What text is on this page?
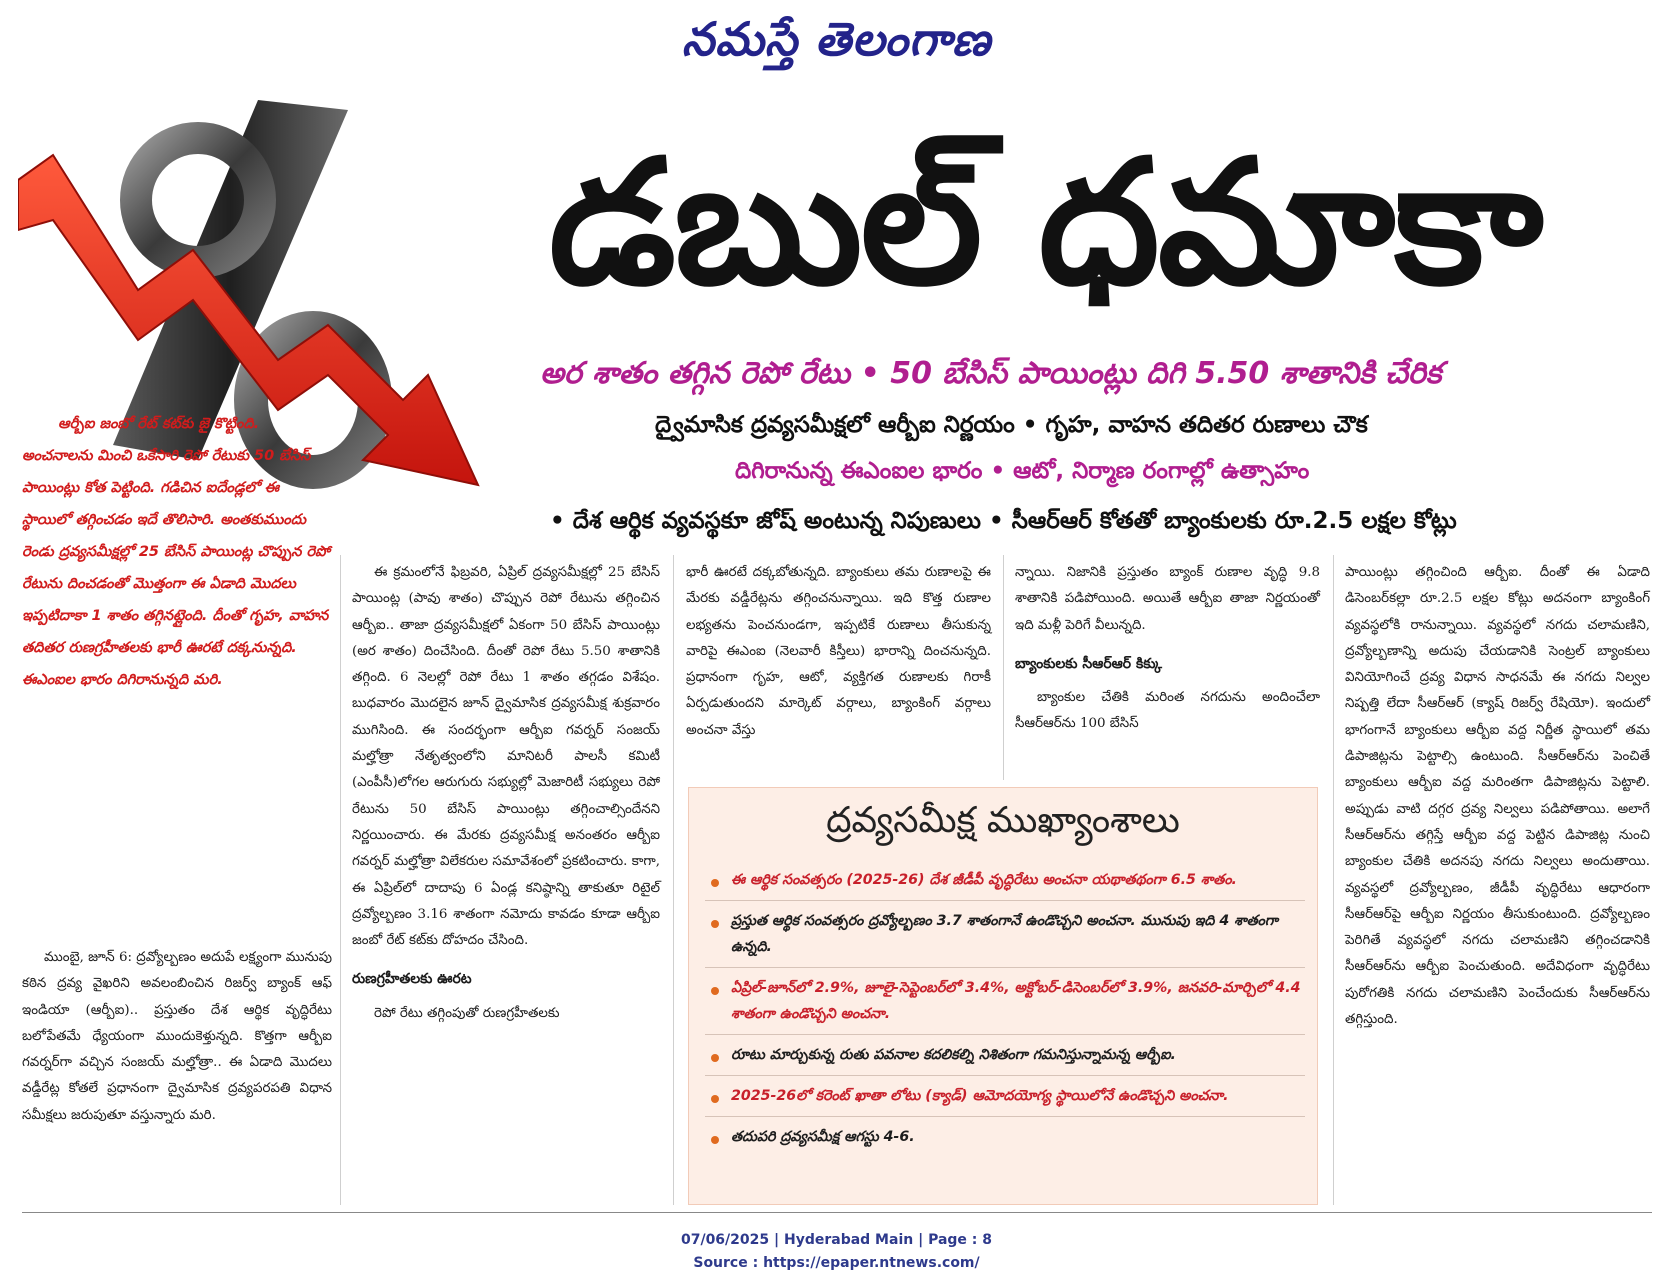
నమస్తే తెలంగాణ
డబుల్ ధమాకా
అర శాతం తగ్గిన రెపో రేటు • 50 బేసిస్ పాయింట్లు దిగి 5.50 శాతానికి చేరిక
ద్వైమాసిక ద్రవ్యసమీక్షలో ఆర్బీఐ నిర్ణయం • గృహ, వాహన తదితర రుణాలు చౌక
దిగిరానున్న ఈఎంఐల భారం • ఆటో, నిర్మాణ రంగాల్లో ఉత్సాహం
• దేశ ఆర్థిక వ్యవస్థకూ జోష్ అంటున్న నిపుణులు • సీఆర్ఆర్ కోతతో బ్యాంకులకు రూ.2.5 లక్షల కోట్లు
ఆర్బీఐ జంబో రేట్ కట్‌కు జై కొట్టింది.
అంచనాలను మించి ఒకేసారి రెపో రేటుకు 50 బేసిస్ పాయింట్లు కోత పెట్టింది. గడిచిన ఐదేండ్లలో ఈ స్థాయిలో తగ్గించడం ఇదే తొలిసారి. అంతకుముందు రెండు ద్రవ్యసమీక్షల్లో 25 బేసిస్ పాయింట్ల చొప్పున రెపో రేటును దించడంతో మొత్తంగా ఈ ఏడాది మొదలు ఇప్పటిదాకా 1 శాతం తగ్గినట్లైంది. దీంతో గృహ, వాహన తదితర రుణగ్రహీతలకు భారీ ఊరటే దక్కనున్నది. ఈఎంఐల భారం దిగిరానున్నది మరి.

ముంబై, జూన్ 6: ద్రవ్యోల్బణం అదుపే లక్ష్యంగా మునుపు కఠిన ద్రవ్య వైఖరిని అవలంబించిన రిజర్వ్ బ్యాంక్ ఆఫ్ ఇండియా (ఆర్బీఐ).. ప్రస్తుతం దేశ ఆర్థిక వృద్ధిరేటు బలోపేతమే ధ్యేయంగా ముందుకెళ్తున్నది. కొత్తగా ఆర్బీఐ గవర్నర్‌గా వచ్చిన సంజయ్ మల్హోత్రా.. ఈ ఏడాది మొదలు వడ్డీరేట్ల కోతలే ప్రధానంగా ద్వైమాసిక ద్రవ్యపరపతి విధాన సమీక్షలు జరుపుతూ వస్తున్నారు మరి.

ఈ క్రమంలోనే ఫిబ్రవరి, ఏప్రిల్ ద్రవ్యసమీక్షల్లో 25 బేసిస్ పాయింట్ల (పావు శాతం) చొప్పున రెపో రేటును తగ్గించిన ఆర్బీఐ.. తాజా ద్రవ్యసమీక్షలో ఏకంగా 50 బేసిస్ పాయింట్లు (అర శాతం) దించేసింది. దీంతో రెపో రేటు 5.50 శాతానికి తగ్గింది. 6 నెలల్లో రెపో రేటు 1 శాతం తగ్గడం విశేషం. బుధవారం మొదలైన జూన్ ద్వైమాసిక ద్రవ్యసమీక్ష శుక్రవారం ముగిసింది. ఈ సందర్భంగా ఆర్బీఐ గవర్నర్ సంజయ్ మల్హోత్రా నేతృత్వంలోని మానిటరీ పాలసీ కమిటీ (ఎంపీసీ)లోగల ఆరుగురు సభ్యుల్లో మెజారిటీ సభ్యులు రెపో రేటును 50 బేసిస్ పాయింట్లు తగ్గించాల్సిందేనని నిర్ణయించారు. ఈ మేరకు ద్రవ్యసమీక్ష అనంతరం ఆర్బీఐ గవర్నర్ మల్హోత్రా విలేకరుల సమావేశంలో ప్రకటించారు. కాగా, ఈ ఏప్రిల్‌లో దాదాపు 6 ఏండ్ల కనిష్ఠాన్ని తాకుతూ రిటైల్ ద్రవ్యోల్బణం 3.16 శాతంగా నమోదు కావడం కూడా ఆర్బీఐ జంబో రేట్ కట్‌కు దోహదం చేసింది.

రుణగ్రహీతలకు ఊరట

రెపో రేటు తగ్గింపుతో రుణగ్రహీతలకు

భారీ ఊరటే దక్కబోతున్నది. బ్యాంకులు తమ రుణాలపై ఈ మేరకు వడ్డీరేట్లను తగ్గించనున్నాయి. ఇది కొత్త రుణాల లభ్యతను పెంచనుండగా, ఇప్పటికే రుణాలు తీసుకున్న వారిపై ఈఎంఐ (నెలవారీ కిస్తీలు) భారాన్ని దించనున్నది. ప్రధానంగా గృహ, ఆటో, వ్యక్తిగత రుణాలకు గిరాకీ ఏర్పడుతుందని మార్కెట్ వర్గాలు, బ్యాంకింగ్ వర్గాలు అంచనా వేస్తు

న్నాయి. నిజానికి ప్రస్తుతం బ్యాంక్ రుణాల వృద్ధి 9.8 శాతానికి పడిపోయింది. అయితే ఆర్బీఐ తాజా నిర్ణయంతో ఇది మళ్లీ పెరిగే వీలున్నది.

బ్యాంకులకు సీఆర్ఆర్ కిక్కు

బ్యాంకుల చేతికి మరింత నగదును అందించేలా సీఆర్ఆర్‌ను 100 బేసిస్

పాయింట్లు తగ్గించింది ఆర్బీఐ. దీంతో ఈ ఏడాది డిసెంబర్‌కల్లా రూ.2.5 లక్షల కోట్లు అదనంగా బ్యాంకింగ్ వ్యవస్థలోకి రానున్నాయి. వ్యవస్థలో నగదు చలామణిని, ద్రవ్యోల్బణాన్ని అదుపు చేయడానికి సెంట్రల్ బ్యాంకులు వినియోగించే ద్రవ్య విధాన సాధనమే ఈ నగదు నిల్వల నిష్పత్తి లేదా సీఆర్ఆర్ (క్యాష్ రిజర్వ్ రేషియో). ఇందులో భాగంగానే బ్యాంకులు ఆర్బీఐ వద్ద నిర్ణీత స్థాయిలో తమ డిపాజిట్లను పెట్టాల్సి ఉంటుంది. సీఆర్ఆర్‌ను పెంచితే బ్యాంకులు ఆర్బీఐ వద్ద మరింతగా డిపాజిట్లను పెట్టాలి. అప్పుడు వాటి దగ్గర ద్రవ్య నిల్వలు పడిపోతాయి. అలాగే సీఆర్ఆర్‌ను తగ్గిస్తే ఆర్బీఐ వద్ద పెట్టిన డిపాజిట్ల నుంచి బ్యాంకుల చేతికి అదనపు నగదు నిల్వలు అందుతాయి. వ్యవస్థలో ద్రవ్యోల్బణం, జీడీపీ వృద్ధిరేటు ఆధారంగా సీఆర్ఆర్‌పై ఆర్బీఐ నిర్ణయం తీసుకుంటుంది. ద్రవ్యోల్బణం పెరిగితే వ్యవస్థలో నగదు చలామణిని తగ్గించడానికి సీఆర్ఆర్‌ను ఆర్బీఐ పెంచుతుంది. అదేవిధంగా వృద్ధిరేటు పురోగతికి నగదు చలామణిని పెంచేందుకు సీఆర్ఆర్‌ను తగ్గిస్తుంది.

ద్రవ్యసమీక్ష ముఖ్యాంశాలు
ఈ ఆర్థిక సంవత్సరం (2025-26) దేశ జీడీపీ వృద్ధిరేటు అంచనా యథాతథంగా 6.5 శాతం.
ప్రస్తుత ఆర్థిక సంవత్సరం ద్రవ్యోల్బణం 3.7 శాతంగానే ఉండొచ్చని అంచనా. మునుపు ఇది 4 శాతంగా ఉన్నది.
ఏప్రిల్-జూన్‌లో 2.9%, జూలై-సెప్టెంబర్‌లో 3.4%, అక్టోబర్-డిసెంబర్‌లో 3.9%, జనవరి-మార్చిలో 4.4 శాతంగా ఉండొచ్చని అంచనా.
రూటు మార్చుకున్న రుతు పవనాల కదలికల్ని నిశితంగా గమనిస్తున్నామన్న ఆర్బీఐ.
2025-26లో కరెంట్ ఖాతా లోటు (క్యాడ్) ఆమోదయోగ్య స్థాయిలోనే ఉండొచ్చని అంచనా.
తదుపరి ద్రవ్యసమీక్ష ఆగస్టు 4-6.
07/06/2025 | Hyderabad Main | Page : 8
Source : https://epaper.ntnews.com/
